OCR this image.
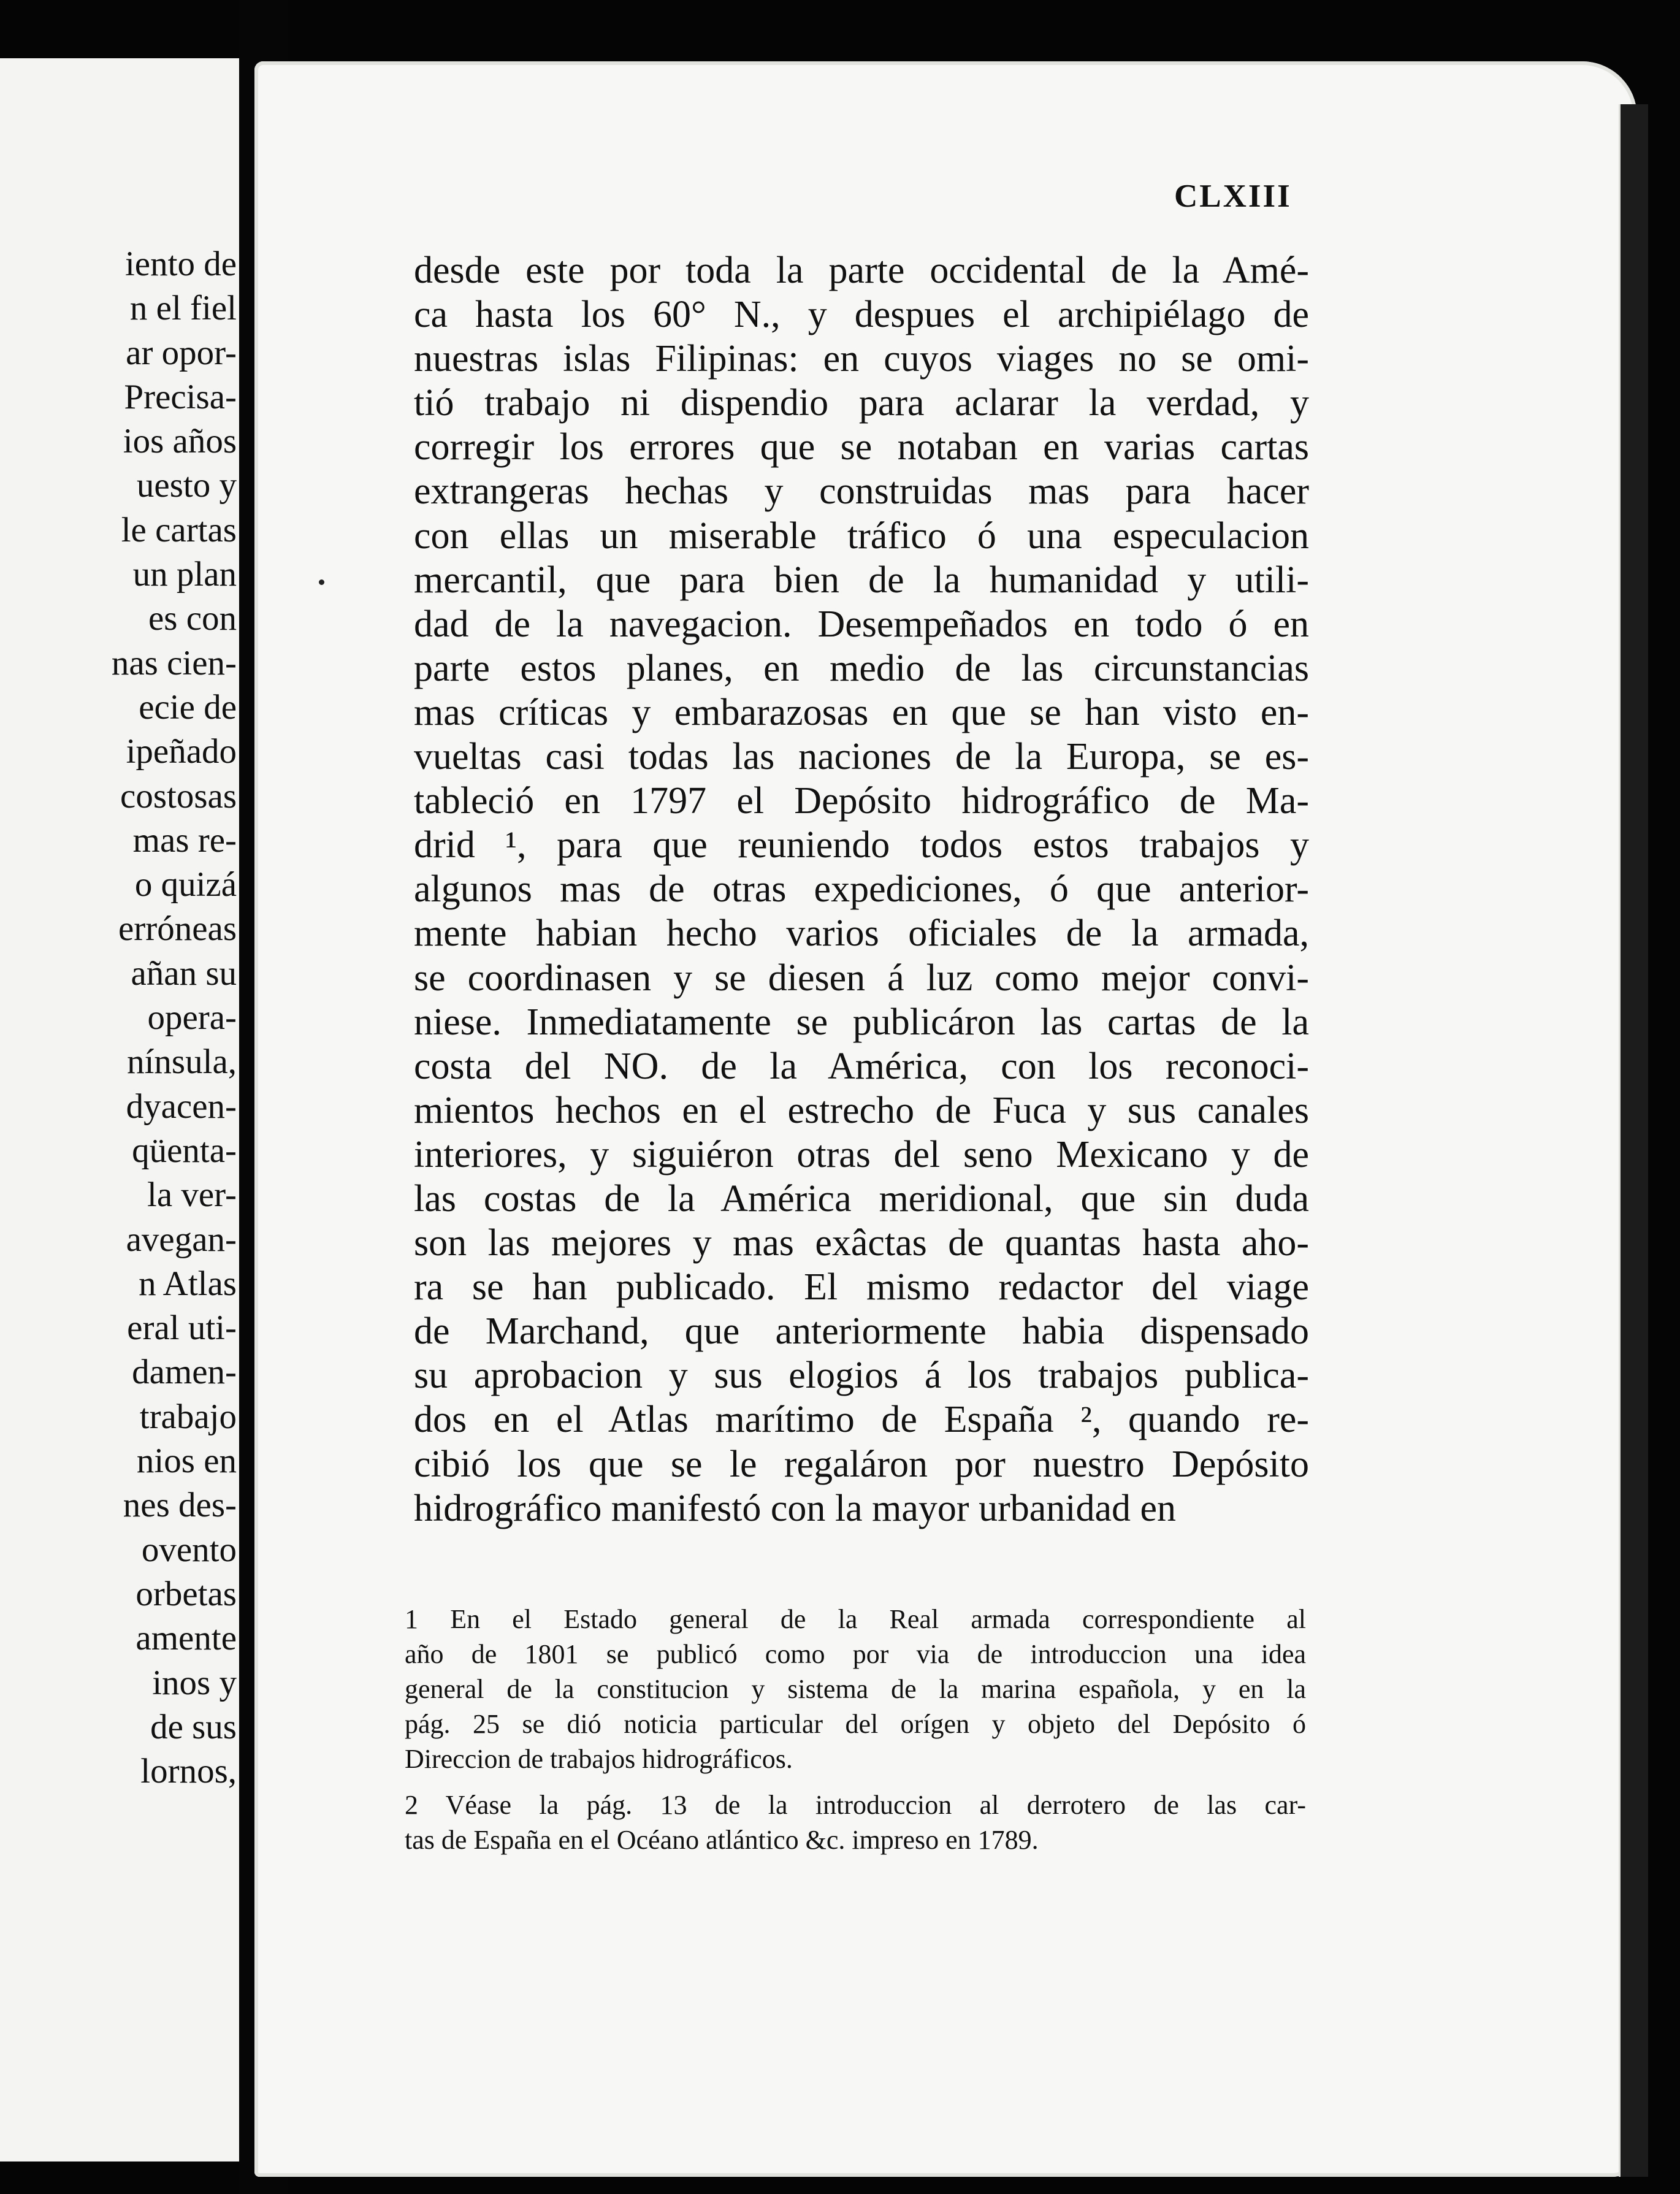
iento de
n el fiel
ar opor-
Precisa-
ios años
uesto y
le cartas
un plan
es con
nas cien-
ecie de
ipeñado
costosas
mas re-
o quizá
erróneas
añan su
opera-
nínsula,
dyacen-
qüenta-
la ver-
avegan-
n Atlas
eral uti-
damen-
trabajo
nios en
nes des-
ovento
orbetas
amente
inos y
de sus
lornos,
CLXIII
desde este por toda la parte occidental de la Amé-
ca hasta los 60° N., y despues el archipiélago de
nuestras islas Filipinas: en cuyos viages no se omi-
tió trabajo ni dispendio para aclarar la verdad, y
corregir los errores que se notaban en varias cartas
extrangeras hechas y construidas mas para hacer
con ellas un miserable tráfico ó una especulacion
mercantil, que para bien de la humanidad y utili-
dad de la navegacion. Desempeñados en todo ó en
parte estos planes, en medio de las circunstancias
mas críticas y embarazosas en que se han visto en-
vueltas casi todas las naciones de la Europa, se es-
tableció en 1797 el Depósito hidrográfico de Ma-
drid ¹, para que reuniendo todos estos trabajos y
algunos mas de otras expediciones, ó que anterior-
mente habian hecho varios oficiales de la armada,
se coordinasen y se diesen á luz como mejor convi-
niese. Inmediatamente se publicáron las cartas de la
costa del NO. de la América, con los reconoci-
mientos hechos en el estrecho de Fuca y sus canales
interiores, y siguiéron otras del seno Mexicano y de
las costas de la América meridional, que sin duda
son las mejores y mas exâctas de quantas hasta aho-
ra se han publicado. El mismo redactor del viage
de Marchand, que anteriormente habia dispensado
su aprobacion y sus elogios á los trabajos publica-
dos en el Atlas marítimo de España ², quando re-
cibió los que se le regaláron por nuestro Depósito
hidrográfico manifestó con la mayor urbanidad en
1 En el Estado general de la Real armada correspondiente al
año de 1801 se publicó como por via de introduccion una idea
general de la constitucion y sistema de la marina española, y en la
pág. 25 se dió noticia particular del orígen y objeto del Depósito ó
Direccion de trabajos hidrográficos.
2 Véase la pág. 13 de la introduccion al derrotero de las car-
tas de España en el Océano atlántico &c. impreso en 1789.
